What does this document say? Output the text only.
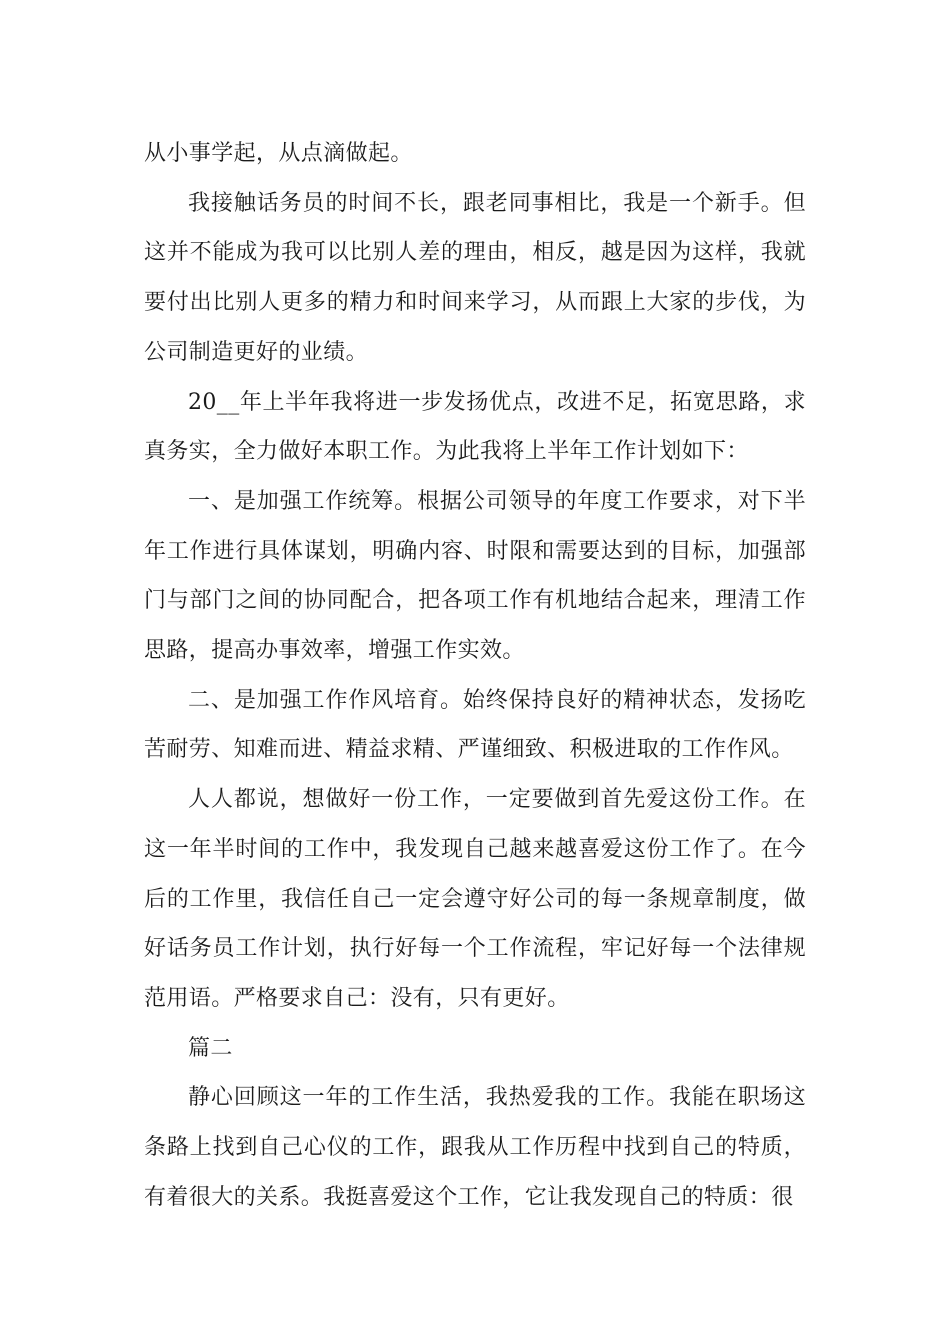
从小事学起，从点滴做起。

我接触话务员的时间不长，跟老同事相比，我是一个新手。但这并不能成为我可以比别人差的理由，相反，越是因为这样，我就要付出比别人更多的精力和时间来学习，从而跟上大家的步伐，为公司制造更好的业绩。

20__年上半年我将进一步发扬优点，改进不足，拓宽思路，求真务实，全力做好本职工作。为此我将上半年工作计划如下：

一、是加强工作统筹。根据公司领导的年度工作要求，对下半年工作进行具体谋划，明确内容、时限和需要达到的目标，加强部门与部门之间的协同配合，把各项工作有机地结合起来，理清工作思路，提高办事效率，增强工作实效。

二、是加强工作作风培育。始终保持良好的精神状态，发扬吃苦耐劳、知难而进、精益求精、严谨细致、积极进取的工作作风。

人人都说，想做好一份工作，一定要做到首先爱这份工作。在这一年半时间的工作中，我发现自己越来越喜爱这份工作了。在今后的工作里，我信任自己一定会遵守好公司的每一条规章制度，做好话务员工作计划，执行好每一个工作流程，牢记好每一个法律规范用语。严格要求自己：没有，只有更好。

篇二

静心回顾这一年的工作生活，我热爱我的工作。我能在职场这条路上找到自己心仪的工作，跟我从工作历程中找到自己的特质，有着很大的关系。我挺喜爱这个工作，它让我发现自己的特质：很
